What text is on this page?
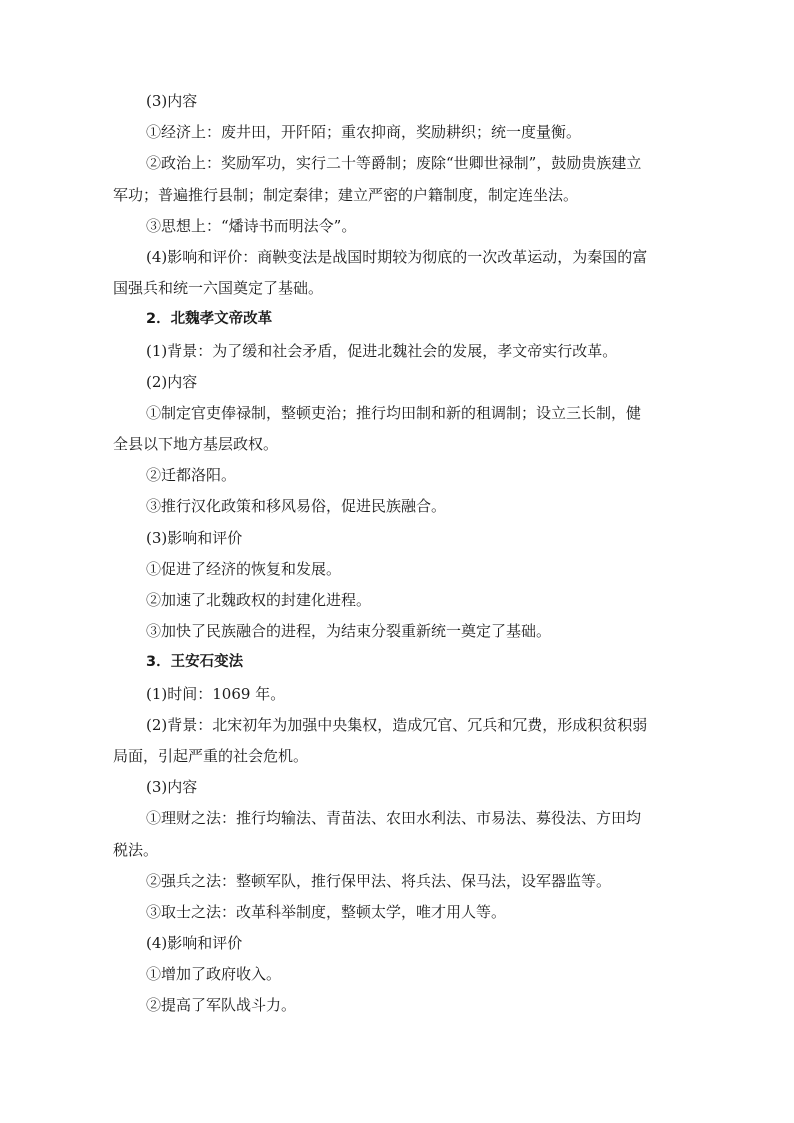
(3)内容
①经济上：废井田，开阡陌；重农抑商，奖励耕织；统一度量衡。
②政治上：奖励军功，实行二十等爵制；废除“世卿世禄制”，鼓励贵族建立
军功；普遍推行县制；制定秦律；建立严密的户籍制度，制定连坐法。
③思想上：“燔诗书而明法令”。
(4)影响和评价：商鞅变法是战国时期较为彻底的一次改革运动，为秦国的富
国强兵和统一六国奠定了基础。
2．北魏孝文帝改革
(1)背景：为了缓和社会矛盾，促进北魏社会的发展，孝文帝实行改革。
(2)内容
①制定官吏俸禄制，整顿吏治；推行均田制和新的租调制；设立三长制，健
全县以下地方基层政权。
②迁都洛阳。
③推行汉化政策和移风易俗，促进民族融合。
(3)影响和评价
①促进了经济的恢复和发展。
②加速了北魏政权的封建化进程。
③加快了民族融合的进程，为结束分裂重新统一奠定了基础。
3．王安石变法
(1)时间：1069 年。
(2)背景：北宋初年为加强中央集权，造成冗官、冗兵和冗费，形成积贫积弱
局面，引起严重的社会危机。
(3)内容
①理财之法：推行均输法、青苗法、农田水利法、市易法、募役法、方田均
税法。
②强兵之法：整顿军队，推行保甲法、将兵法、保马法，设军器监等。
③取士之法：改革科举制度，整顿太学，唯才用人等。
(4)影响和评价
①增加了政府收入。
②提高了军队战斗力。
